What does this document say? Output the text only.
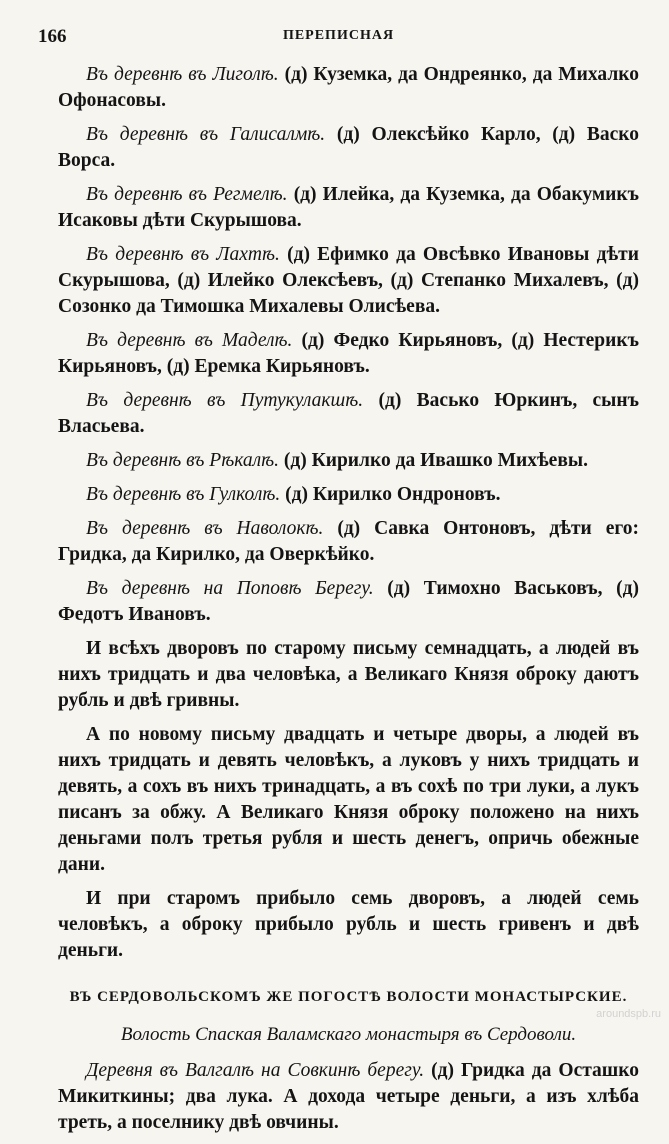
166	ПЕРЕПИСНАЯ

Въ деревнѣ въ Лиголѣ. (д) Куземка, да Ондреянко, да Михалко Офонасовы.

Въ деревнѣ въ Галисалмѣ. (д) Олексѣйко Карло, (д) Васко Ворса.

Въ деревнѣ въ Регмелѣ. (д) Илейка, да Куземка, да Обакумикъ Исаковы дѣти Скурышова.

Въ деревнѣ въ Лахтѣ. (д) Ефимко да Овсѣвко Ивановы дѣти Скурышова, (д) Илейко Олексѣевъ, (д) Степанко Михалевъ, (д) Созонко да Тимошка Михалевы Олисѣева.

Въ деревнѣ въ Маделѣ. (д) Федко Кирьяновъ, (д) Нестерикъ Кирьяновъ, (д) Еремка Кирьяновъ.

Въ деревнѣ въ Путукулакшѣ. (д) Васько Юркинъ, сынъ Власьева.

Въ деревнѣ въ Рѣкалѣ. (д) Кирилко да Ивашко Михѣевы.

Въ деревнѣ въ Гулколѣ. (д) Кирилко Ондроновъ.

Въ деревнѣ въ Наволокѣ. (д) Савка Онтоновъ, дѣти его: Гридка, да Кирилко, да Оверкѣйко.

Въ деревнѣ на Поповѣ Берегу. (д) Тимохно Васьковъ, (д) Федотъ Ивановъ.

И всѣхъ дворовъ по старому письму семнадцать, а людей въ нихъ тридцать и два человѣка, а Великаго Князя оброку даютъ рубль и двѣ гривны.

А по новому письму двадцать и четыре дворы, а людей въ нихъ тридцать и девять человѣкъ, а луковъ у нихъ тридцать и девять, а сохъ въ нихъ тринадцать, а въ сохѣ по три луки, а лукъ писанъ за обжу. А Великаго Князя оброку положено на нихъ деньгами полъ третья рубля и шесть денегъ, опричь обежные дани.

И при старомъ прибыло семь дворовъ, а людей семь человѣкъ, а оброку прибыло рубль и шесть гривенъ и двѣ деньги.

ВЪ СЕРДОВОЛЬСКОМЪ ЖЕ ПОГОСТѢ ВОЛОСТИ МОНАСТЫРСКИЕ.
Волость Спаская Валамскаго монастыря въ Сердоволи.

Деревня въ Валгалѣ на Совкинѣ берегу. (д) Гридка да Осташко Микиткины; два лука. А дохода четыре деньги, а изъ хлѣба треть, а поселнику двѣ овчины.

aroundspb.ru
